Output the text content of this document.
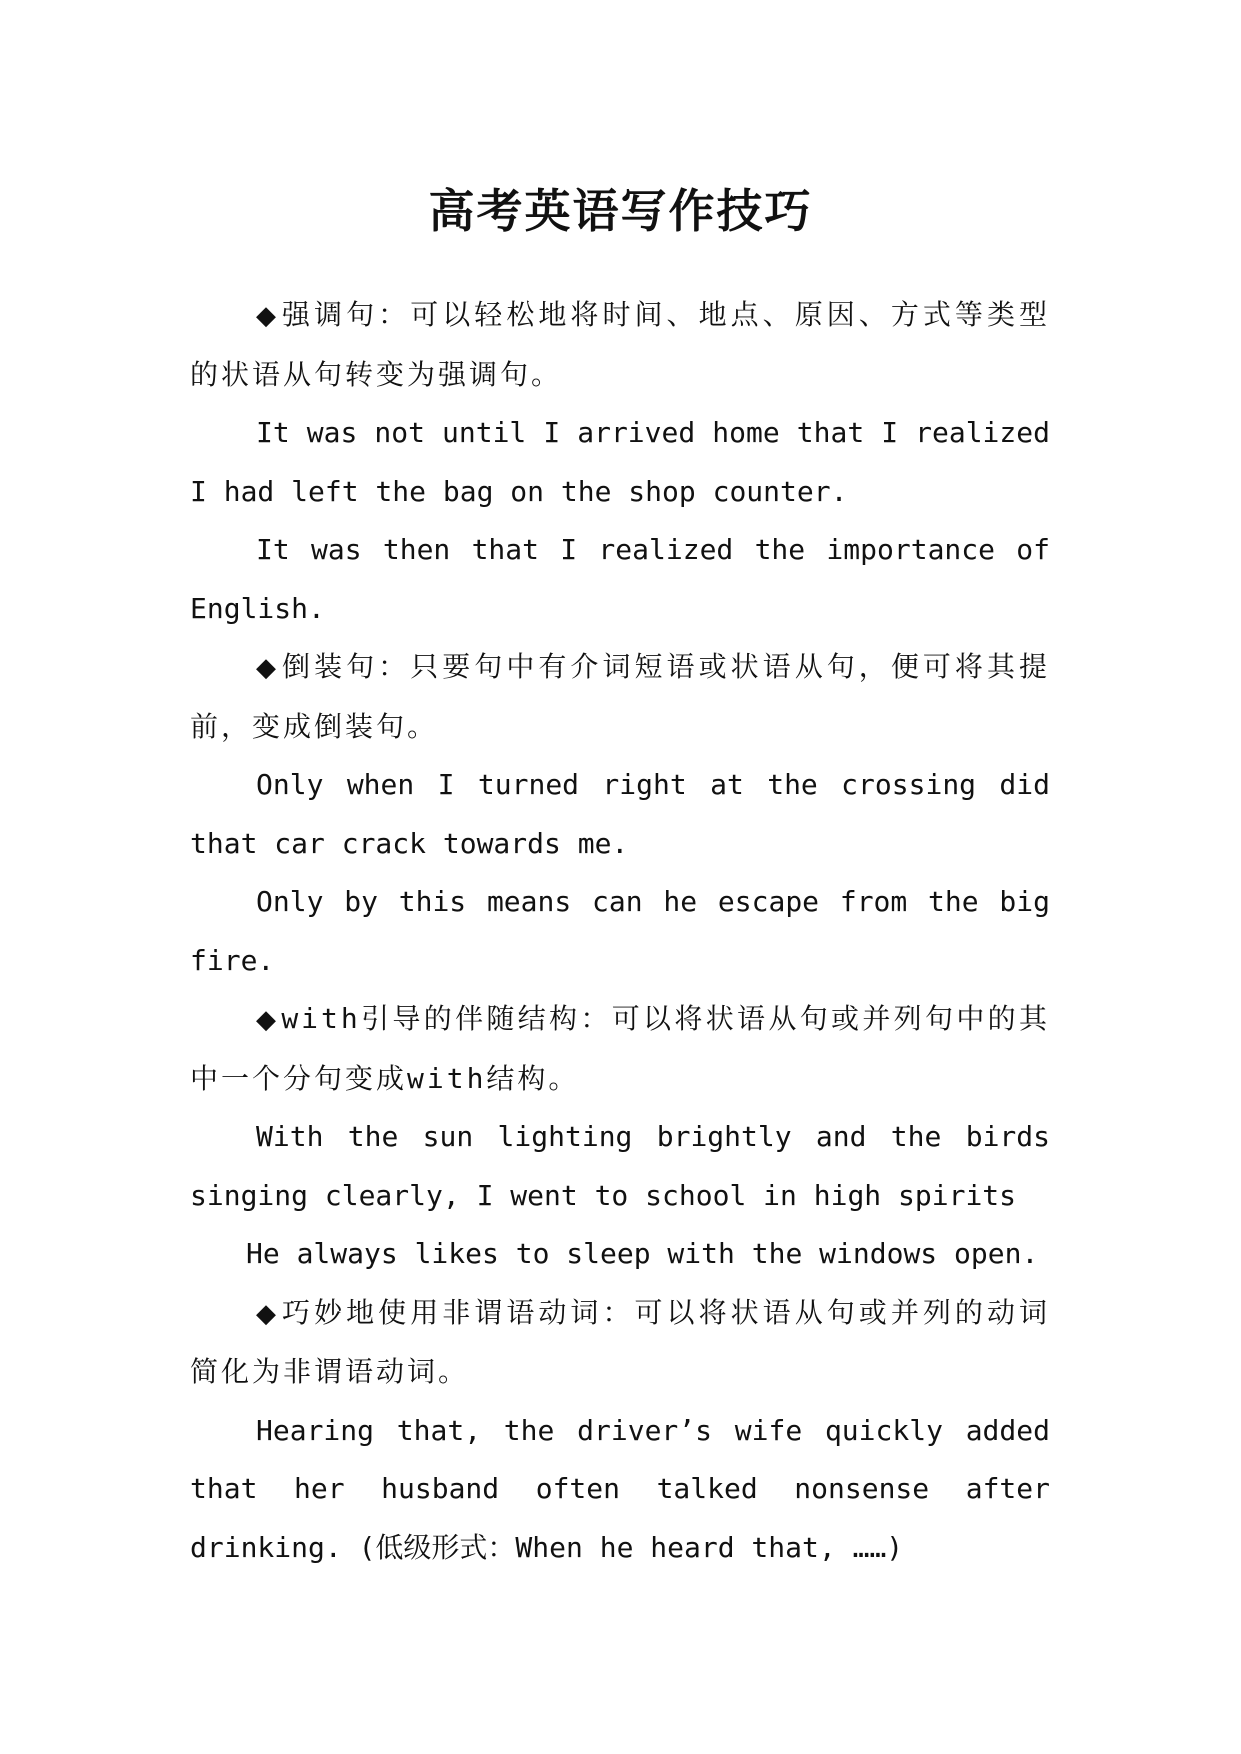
高考英语写作技巧

◆强调句：可以轻松地将时间、地点、原因、方式等类型的状语从句转变为强调句。

It was not until I arrived home that I realized I had left the bag on the shop counter.

It was then that I realized the importance of English.

◆倒装句：只要句中有介词短语或状语从句，便可将其提前，变成倒装句。

Only when I turned right at the crossing did that car crack towards me.

Only by this means can he escape from the big fire.

◆with引导的伴随结构：可以将状语从句或并列句中的其中一个分句变成with结构。

With the sun lighting brightly and the birds singing clearly, I went to school in high spirits

He always likes to sleep with the windows open.

◆巧妙地使用非谓语动词：可以将状语从句或并列的动词简化为非谓语动词。

Hearing that, the driver’s wife quickly added that her husband often talked nonsense after drinking. (低级形式：When he heard that, ……)
